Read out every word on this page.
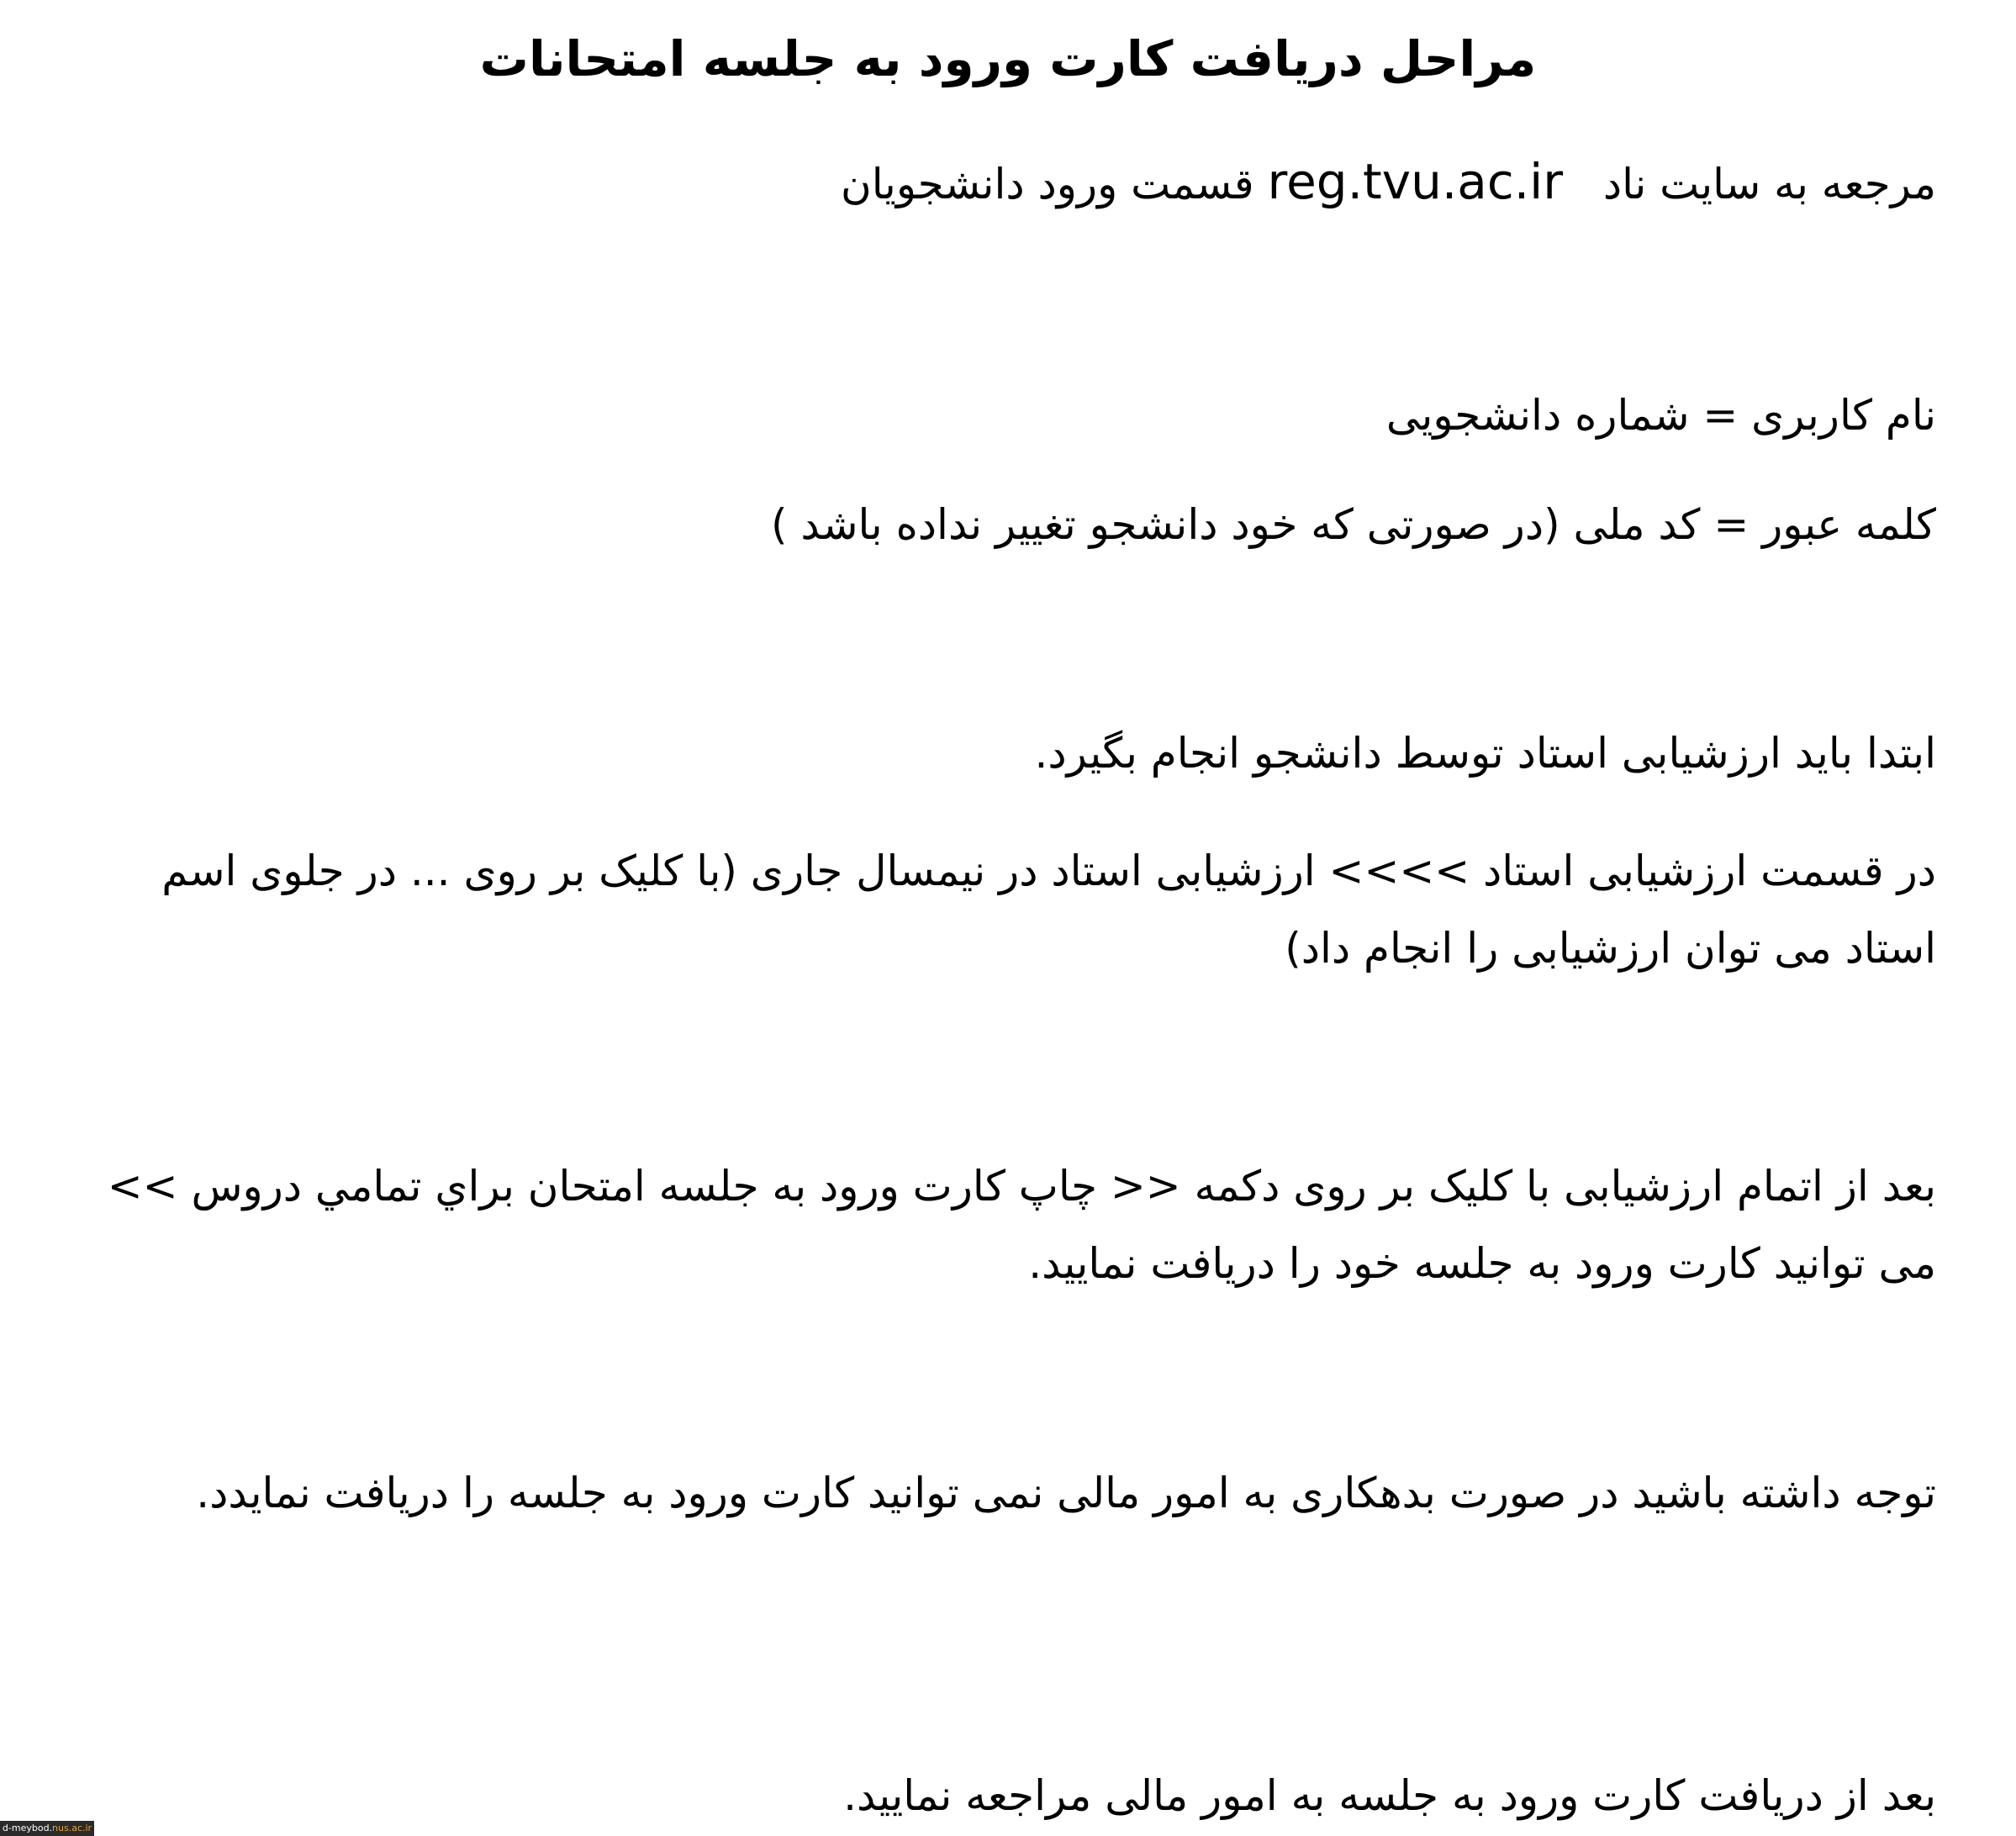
مراحل دریافت کارت ورود به جلسه امتحانات
مرجعه به سایت ناد   reg.tvu.ac.ir قسمت ورود دانشجویان
نام کاربری = شماره دانشجویی
کلمه عبور = کد ملی (در صورتی که خود دانشجو تغییر نداده باشد )
ابتدا باید ارزشیابی استاد توسط دانشجو انجام بگیرد.
در قسمت ارزشیابی استاد >>>> ارزشیابی استاد در نیمسال جاری (با کلیک بر روی ... در جلوی اسم استاد می توان ارزشیابی را انجام داد)
بعد از اتمام ارزشیابی با کلیک بر روی دکمه << چاپ کارت ورود به جلسه امتحان براي تمامي دروس >> می توانید کارت ورود به جلسه خود را دریافت نمایید.
توجه داشته باشید در صورت بدهکاری به امور مالی نمی توانید کارت ورود به جلسه را دریافت نمایدد.
بعد از دریافت کارت ورود به جلسه به امور مالی مراجعه نمایید.
d-meybod.nus.ac.ir
